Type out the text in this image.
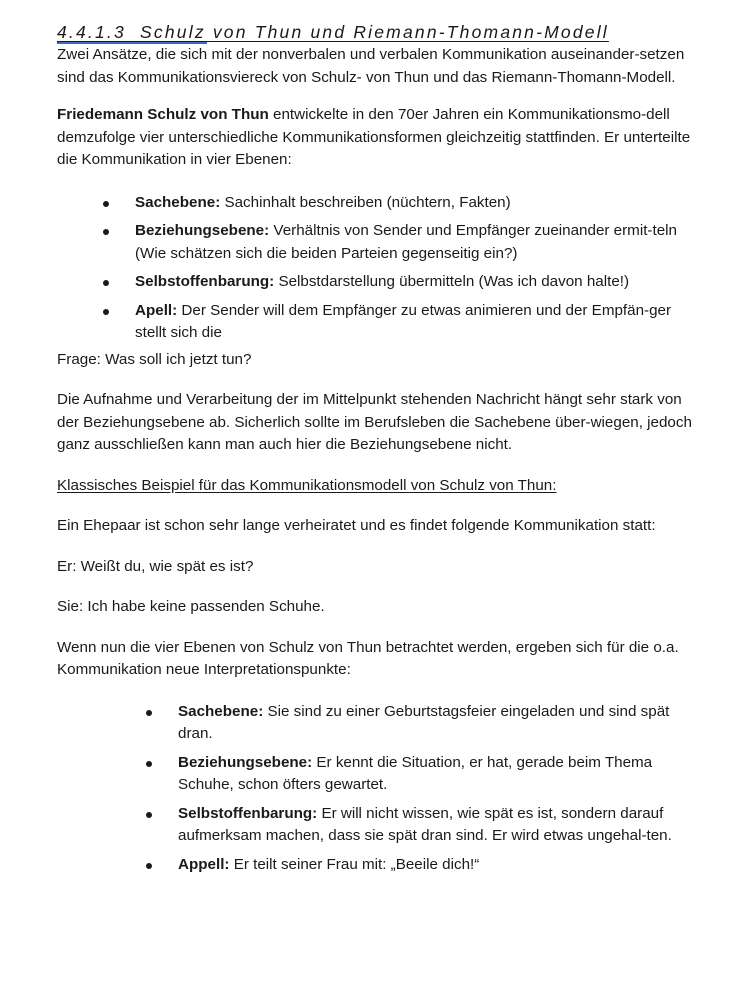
4.4.1.3 Schulz von Thun und Riemann-Thomann-Modell

Zwei Ansätze, die sich mit der nonverbalen und verbalen Kommunikation auseinander-setzen sind das Kommunikationsviereck von Schulz- von Thun und das Riemann-Thomann-Modell.

Friedemann Schulz von Thun entwickelte in den 70er Jahren ein Kommunikationsmo-dell demzufolge vier unterschiedliche Kommunikationsformen gleichzeitig stattfinden. Er unterteilte die Kommunikation in vier Ebenen:

Sachebene: Sachinhalt beschreiben (nüchtern, Fakten)
Beziehungsebene: Verhältnis von Sender und Empfänger zueinander ermit-teln (Wie schätzen sich die beiden Parteien gegenseitig ein?)
Selbstoffenbarung: Selbstdarstellung übermitteln (Was ich davon halte!)
Apell: Der Sender will dem Empfänger zu etwas animieren und der Empfän-ger stellt sich die

Frage: Was soll ich jetzt tun?

Die Aufnahme und Verarbeitung der im Mittelpunkt stehenden Nachricht hängt sehr stark von der Beziehungsebene ab. Sicherlich sollte im Berufsleben die Sachebene über-wiegen, jedoch ganz ausschließen kann man auch hier die Beziehungsebene nicht.

Klassisches Beispiel für das Kommunikationsmodell von Schulz von Thun:

Ein Ehepaar ist schon sehr lange verheiratet und es findet folgende Kommunikation statt:

Er: Weißt du, wie spät es ist?

Sie: Ich habe keine passenden Schuhe.

Wenn nun die vier Ebenen von Schulz von Thun betrachtet werden, ergeben sich für die o.a. Kommunikation neue Interpretationspunkte:

Sachebene: Sie sind zu einer Geburtstagsfeier eingeladen und sind spät dran.
Beziehungsebene: Er kennt die Situation, er hat, gerade beim Thema Schuhe, schon öfters gewartet.
Selbstoffenbarung: Er will nicht wissen, wie spät es ist, sondern darauf aufmerksam machen, dass sie spät dran sind. Er wird etwas ungehal-ten.
Appell: Er teilt seiner Frau mit: „Beeile dich!“
